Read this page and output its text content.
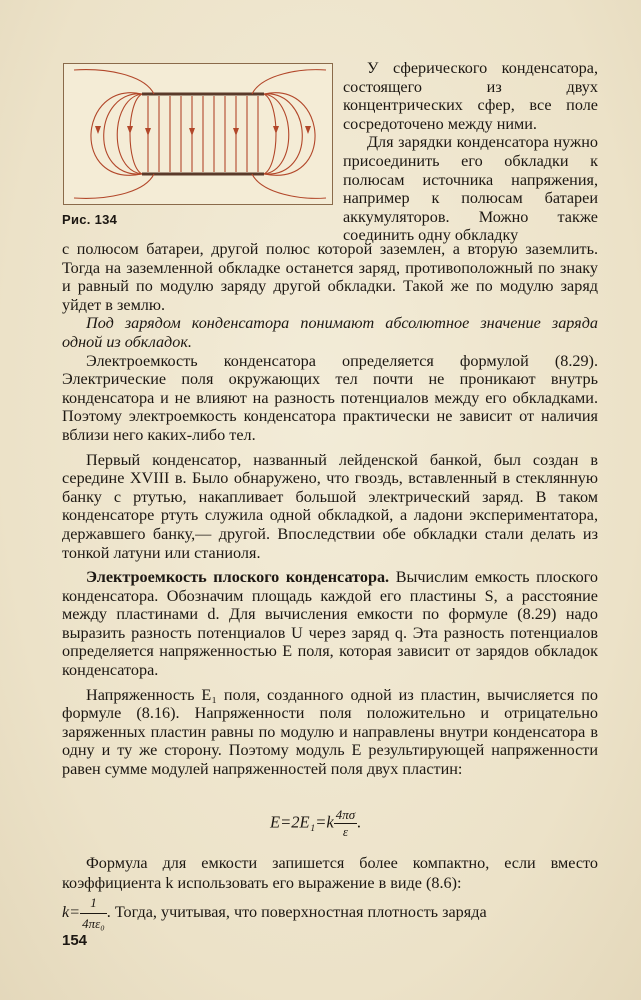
Рис. 134

У сферического конденсатора, состоящего из двух концентрических сфер, все поле сосредоточено между ними.

Для зарядки конденсатора нужно присоединить его обкладки к полюсам источника напряжения, например к полюсам батареи аккумуляторов. Можно также соединить одну обкладку

с полюсом батареи, другой полюс которой заземлен, а вторую заземлить. Тогда на заземленной обкладке останется заряд, противоположный по знаку и равный по модулю заряду другой обкладки. Такой же по модулю заряд уйдет в землю.

Под зарядом конденсатора понимают абсолютное значение заряда одной из обкладок.

Электроемкость конденсатора определяется формулой (8.29). Электрические поля окружающих тел почти не проникают внутрь конденсатора и не влияют на разность потенциалов между его обкладками. Поэтому электроемкость конденсатора практически не зависит от наличия вблизи него каких-либо тел.

Первый конденсатор, названный лейденской банкой, был создан в середине XVIII в. Было обнаружено, что гвоздь, вставленный в стеклянную банку с ртутью, накапливает большой электрический заряд. В таком конденсаторе ртуть служила одной обкладкой, а ладони экспериментатора, державшего банку,— другой. Впоследствии обе обкладки стали делать из тонкой латуни или станиоля.

Электроемкость плоского конденсатора. Вычислим емкость плоского конденсатора. Обозначим площадь каждой его пластины S, а расстояние между пластинами d. Для вычисления емкости по формуле (8.29) надо выразить разность потенциалов U через заряд q. Эта разность потенциалов определяется напряженностью E поля, которая зависит от зарядов обкладок конденсатора.

Напряженность E₁ поля, созданного одной из пластин, вычисляется по формуле (8.16). Напряженности поля положительно и отрицательно заряженных пластин равны по модулю и направлены внутри конденсатора в одну и ту же сторону. Поэтому модуль E результирующей напряженности равен сумме модулей напряженностей поля двух пластин:

$E=2E_1=k \frac{4\pi\sigma}{\varepsilon}$ .

Формула для емкости запишется более компактно, если вместо коэффициента k использовать его выражение в виде (8.6):

$k= \frac{1}{\text{4πε₀}}$ . Тогда, учитывая, что поверхностная плотность заряда

154
